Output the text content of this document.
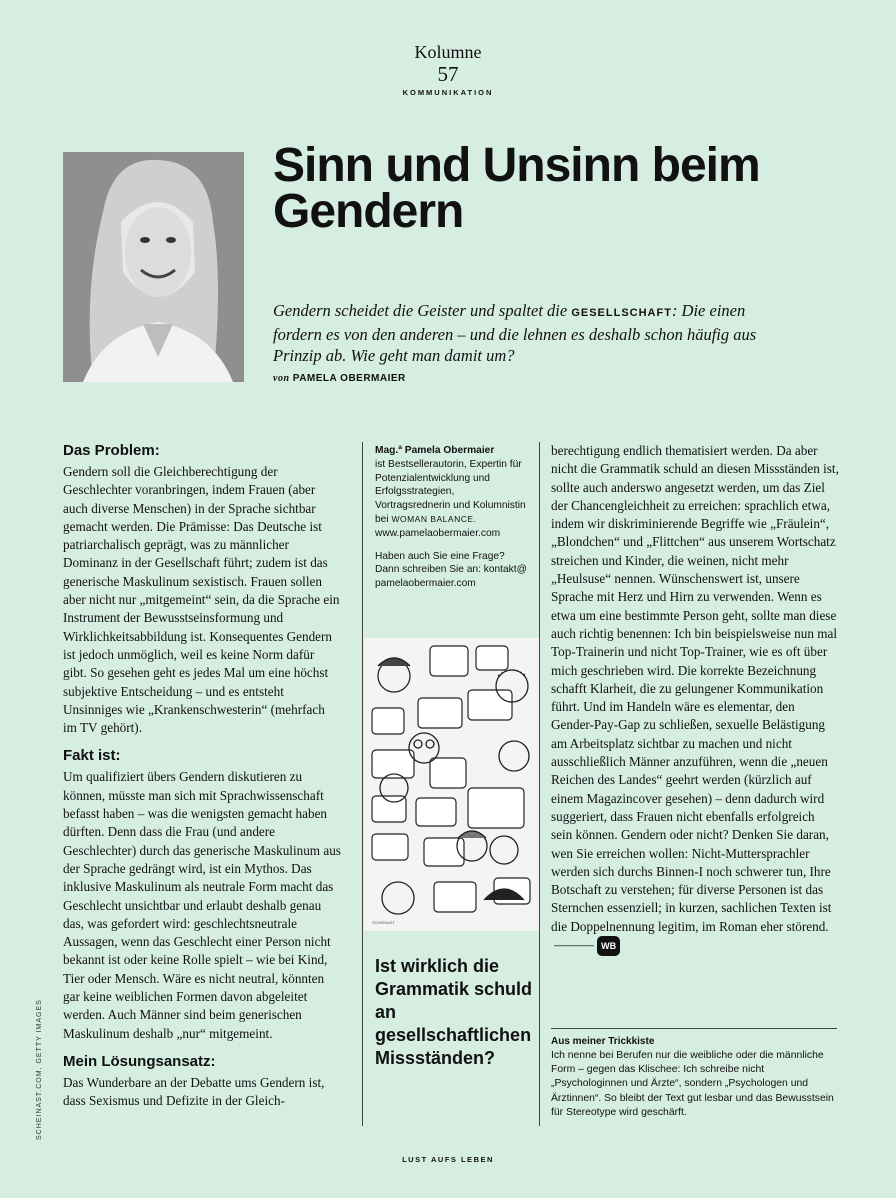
Kolumne
57
KOMMUNIKATION
Sinn und Unsinn beim Gendern
Gendern scheidet die Geister und spaltet die GESELLSCHAFT: Die einen fordern es von den anderen – und die lehnen es deshalb schon häufig aus Prinzip ab. Wie geht man damit um?
von PAMELA OBERMAIER
Das Problem:

Gendern soll die Gleichberechtigung der Geschlechter voranbringen, indem Frauen (aber auch diverse Menschen) in der Sprache sichtbar gemacht werden. Die Prämisse: Das Deutsche ist patriarchalisch geprägt, was zu männlicher Dominanz in der Gesellschaft führt; zudem ist das generische Maskulinum sexistisch. Frauen sollen aber nicht nur „mitgemeint“ sein, da die Sprache ein Instrument der Bewusstseinsformung und Wirklichkeitsabbildung ist. Konsequentes Gendern ist jedoch unmöglich, weil es keine Norm dafür gibt. So gesehen geht es jedes Mal um eine höchst subjektive Entscheidung – und es entsteht Unsinniges wie „Krankenschwesterin“ (mehrfach im TV gehört).

Fakt ist:

Um qualifiziert übers Gendern diskutieren zu können, müsste man sich mit Sprachwissenschaft befasst haben – was die wenigsten gemacht haben dürften. Denn dass die Frau (und andere Geschlechter) durch das generische Maskulinum aus der Sprache gedrängt wird, ist ein Mythos. Das inklusive Maskulinum als neutrale Form macht das Geschlecht unsichtbar und erlaubt deshalb genau das, was gefordert wird: geschlechtsneutrale Aussagen, wenn das Geschlecht einer Person nicht bekannt ist oder keine Rolle spielt – wie bei Kind, Tier oder Mensch. Wäre es nicht neutral, könnten gar keine weiblichen Formen davon abgeleitet werden. Auch Männer sind beim generischen Maskulinum deshalb „nur“ mitgemeint.

Mein Lösungsansatz:

Das Wunderbare an der Debatte ums Gendern ist, dass Sexismus und Defizite in der Gleich-

SCHEINAST.COM, GETTY IMAGES

Mag.ª Pamela Obermaier
ist Bestsellerautorin, Expertin für Potenzialentwicklung und Erfolgsstrategien, Vortragsrednerin und Kolumnistin bei WOMAN BALANCE.
www.pamelaobermaier.com

Haben auch Sie eine Frage? Dann schreiben Sie an: kontakt@ pamelaobermaier.com

SCHEINAST
Ist wirklich die Grammatik schuld an gesellschaftlichen Missständen?

berechtigung endlich thematisiert werden. Da aber nicht die Grammatik schuld an diesen Missständen ist, sollte auch anderswo angesetzt werden, um das Ziel der Chancengleichheit zu erreichen: sprachlich etwa, indem wir diskriminierende Begriffe wie „Fräulein“, „Blondchen“ und „Flittchen“ aus unserem Wortschatz streichen und Kinder, die weinen, nicht mehr „Heulsuse“ nennen. Wünschenswert ist, unsere Sprache mit Herz und Hirn zu verwenden. Wenn es etwa um eine bestimmte Person geht, sollte man diese auch richtig benennen: Ich bin beispielsweise nun mal Top-Trainerin und nicht Top-Trainer, wie es oft über mich geschrieben wird. Die korrekte Bezeichnung schafft Klarheit, die zu gelungener Kommunikation führt. Und im Handeln wäre es elementar, den Gender-Pay-Gap zu schließen, sexuelle Belästigung am Arbeitsplatz sichtbar zu machen und nicht ausschließlich Männer anzuführen, wenn die „neuen Reichen des Landes“ geehrt werden (kürzlich auf einem Magazincover gesehen) – denn dadurch wird suggeriert, dass Frauen nicht ebenfalls erfolgreich sein können. Gendern oder nicht? Denken Sie daran, wen Sie erreichen wollen: Nicht-Muttersprachler werden sich durchs Binnen-I noch schwerer tun, Ihre Botschaft zu verstehen; für diverse Personen ist das Sternchen essenziell; in kurzen, sachlichen Texten ist die Doppelnennung legitim, im Roman eher störend.  ——— WB

Aus meiner Trickkiste

Ich nenne bei Berufen nur die weibliche oder die männliche Form – gegen das Klischee: Ich schreibe nicht „Psychologinnen und Ärzte“, sondern „Psychologen und Ärztinnen“. So bleibt der Text gut lesbar und das Bewusstsein für Stereotype wird geschärft.

LUST AUFS LEBEN
